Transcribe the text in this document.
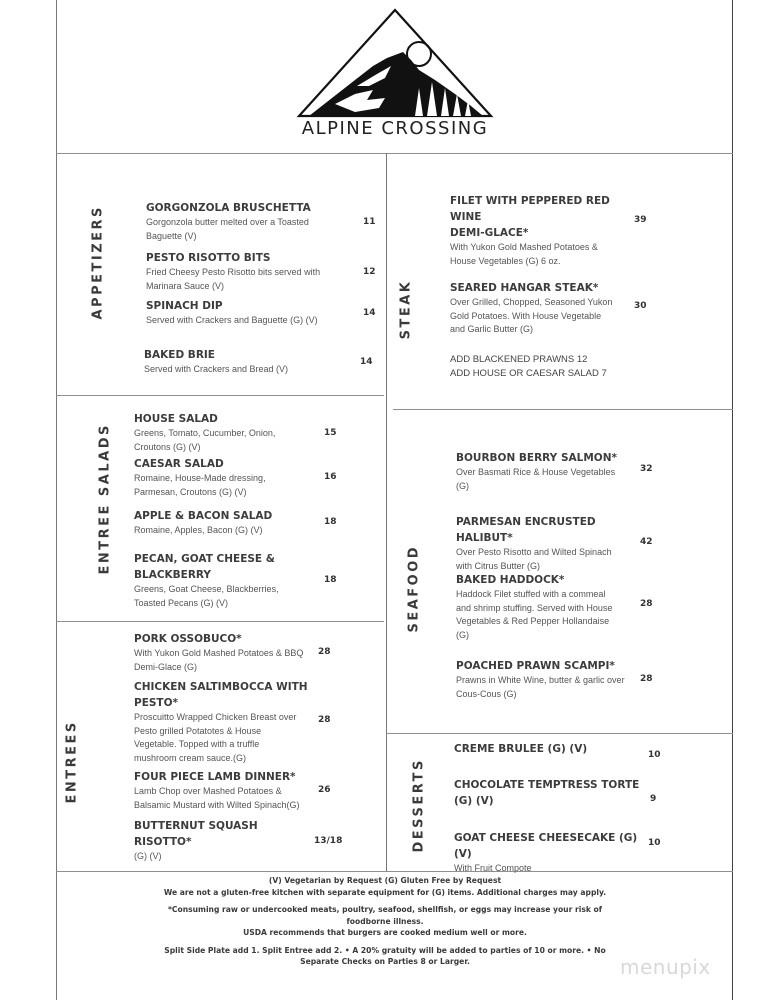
ALPINE CROSSING
APPETIZERS	GORGONZOLA BRUSCHETTA
Gorgonzola butter melted over a Toasted
Baguette (V)
11
PESTO RISOTTO BITS
Fried Cheesy Pesto Risotto bits served with
Marinara Sauce (V)
12
SPINACH DIP
Served with Crackers and Baguette (G) (V)
14
BAKED BRIE
Served with Crackers and Bread (V)
14
ENTREE SALADS
HOUSE SALAD
Greens, Tomato, Cucumber, Onion,
Croutons (G) (V)
15
CAESAR SALAD
Romaine, House-Made dressing,
Parmesan, Croutons (G) (V)
16
APPLE & BACON SALAD
Romaine, Apples, Bacon (G) (V)
18
PECAN, GOAT CHEESE &
BLACKBERRY
Greens, Goat Cheese, Blackberries,
Toasted Pecans (G) (V)
18
ENTREES
PORK OSSOBUCO*
With Yukon Gold Mashed Potatoes & BBQ
Demi-Glace (G)
28
CHICKEN SALTIMBOCCA WITH
PESTO*
Proscuitto Wrapped Chicken Breast over
Pesto grilled Potatotes & House
Vegetable. Topped with a truffle
mushroom cream sauce.(G)
28
FOUR PIECE LAMB DINNER*
Lamb Chop over Mashed Potatoes &
Balsamic Mustard with Wilted Spinach(G)
26
BUTTERNUT SQUASH RISOTTO*
(G) (V)
13/18
STEAK
FILET WITH PEPPERED RED WINE
DEMI-GLACE*
With Yukon Gold Mashed Potatoes &
House Vegetables (G) 6 oz.
39
SEARED HANGAR STEAK*
Over Grilled, Chopped, Seasoned Yukon
Gold Potatoes. With House Vegetable
and Garlic Butter (G)
30
ADD BLACKENED PRAWNS 12
ADD HOUSE OR CAESAR SALAD 7
SEAFOOD
BOURBON BERRY SALMON*
Over Basmati Rice & House Vegetables
(G)
32
PARMESAN ENCRUSTED
HALIBUT*
Over Pesto Risotto and Wilted Spinach
with Citrus Butter (G)
42
BAKED HADDOCK*
Haddock Filet stuffed with a commeal
and shrimp stuffing. Served with House
Vegetables & Red Pepper Hollandaise
(G)
28
POACHED PRAWN SCAMPI*
Prawns in White Wine, butter & garlic over
Cous-Cous (G)
28
DESSERTS
CREME BRULEE (G) (V)	10
CHOCOLATE TEMPTRESS TORTE
(G) (V)	9
GOAT CHEESE CHEESECAKE (G) (V)
With Fruit Compote
10

(V) Vegetarian by Request (G) Gluten Free by Request

We are not a gluten-free kitchen with separate equipment for (G) items. Additional charges may apply.

*Consuming raw or undercooked meats, poultry, seafood, shellfish, or eggs may increase your risk of foodborne illness.

USDA recommends that burgers are cooked medium well or more.

Split Side Plate add 1. Split Entree add 2. • A 20% gratuity will be added to parties of 10 or more. • No Separate Checks on Parties 8 or Larger.	menupix
